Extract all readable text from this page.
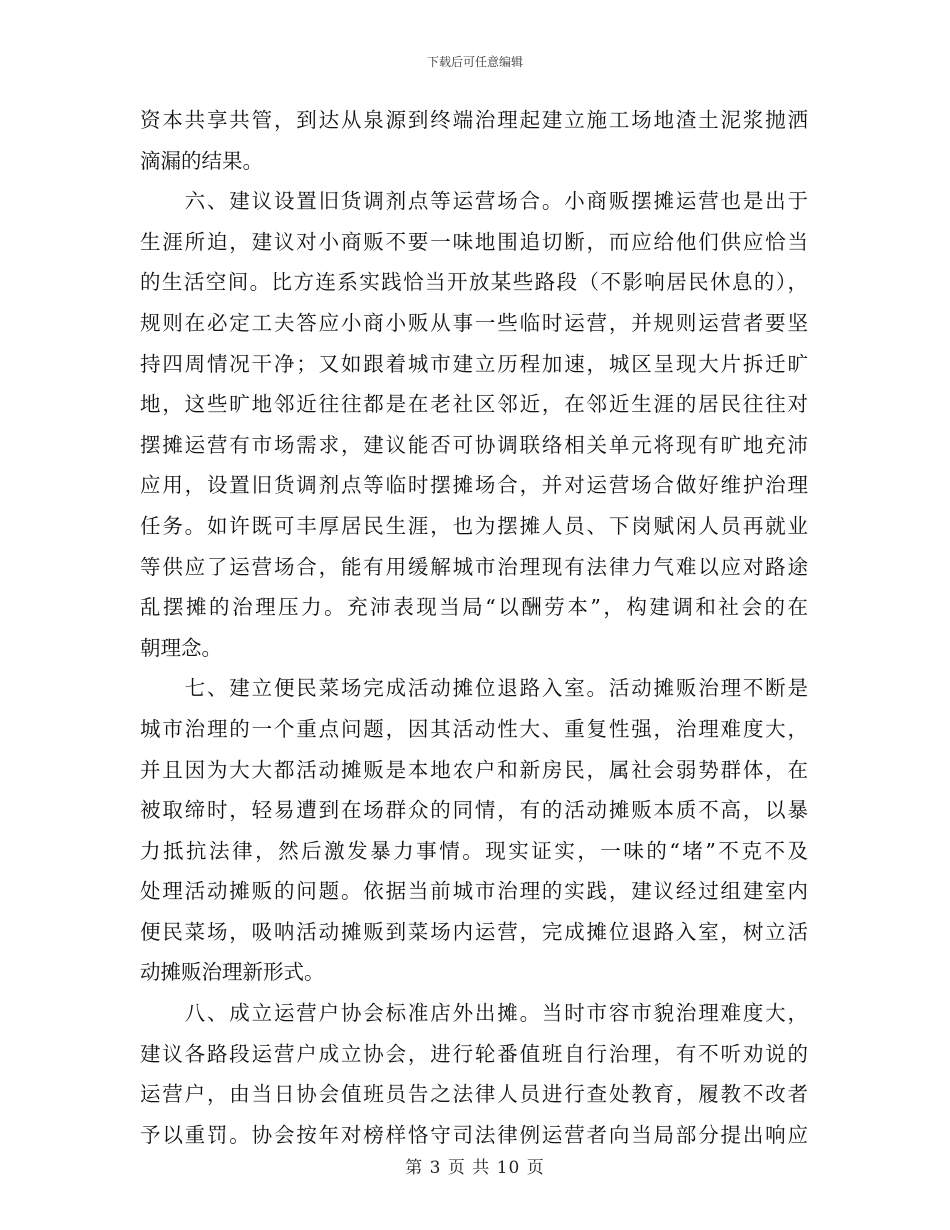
下载后可任意编辑
资本共享共管，到达从泉源到终端治理起建立施工场地渣土泥浆抛洒
滴漏的结果。
　　六、建议设置旧货调剂点等运营场合。小商贩摆摊运营也是出于
生涯所迫，建议对小商贩不要一味地围追切断，而应给他们供应恰当
的生活空间。比方连系实践恰当开放某些路段（不影响居民休息的），
规则在必定工夫答应小商小贩从事一些临时运营，并规则运营者要坚
持四周情况干净；又如跟着城市建立历程加速，城区呈现大片拆迁旷
地，这些旷地邻近往往都是在老社区邻近，在邻近生涯的居民往往对
摆摊运营有市场需求，建议能否可协调联络相关单元将现有旷地充沛
应用，设置旧货调剂点等临时摆摊场合，并对运营场合做好维护治理
任务。如许既可丰厚居民生涯，也为摆摊人员、下岗赋闲人员再就业
等供应了运营场合，能有用缓解城市治理现有法律力气难以应对路途
乱摆摊的治理压力。充沛表现当局“以酬劳本”，构建调和社会的在
朝理念。
　　七、建立便民菜场完成活动摊位退路入室。活动摊贩治理不断是
城市治理的一个重点问题，因其活动性大、重复性强，治理难度大，
并且因为大大都活动摊贩是本地农户和新房民，属社会弱势群体，在
被取缔时，轻易遭到在场群众的同情，有的活动摊贩本质不高，以暴
力抵抗法律，然后激发暴力事情。现实证实，一味的“堵”不克不及
处理活动摊贩的问题。依据当前城市治理的实践，建议经过组建室内
便民菜场，吸呐活动摊贩到菜场内运营，完成摊位退路入室，树立活
动摊贩治理新形式。
　　八、成立运营户协会标准店外出摊。当时市容市貌治理难度大，
建议各路段运营户成立协会，进行轮番值班自行治理，有不听劝说的
运营户，由当日协会值班员告之法律人员进行查处教育，履教不改者
予以重罚。协会按年对榜样恪守司法律例运营者向当局部分提出响应
第 3 页 共 10 页
